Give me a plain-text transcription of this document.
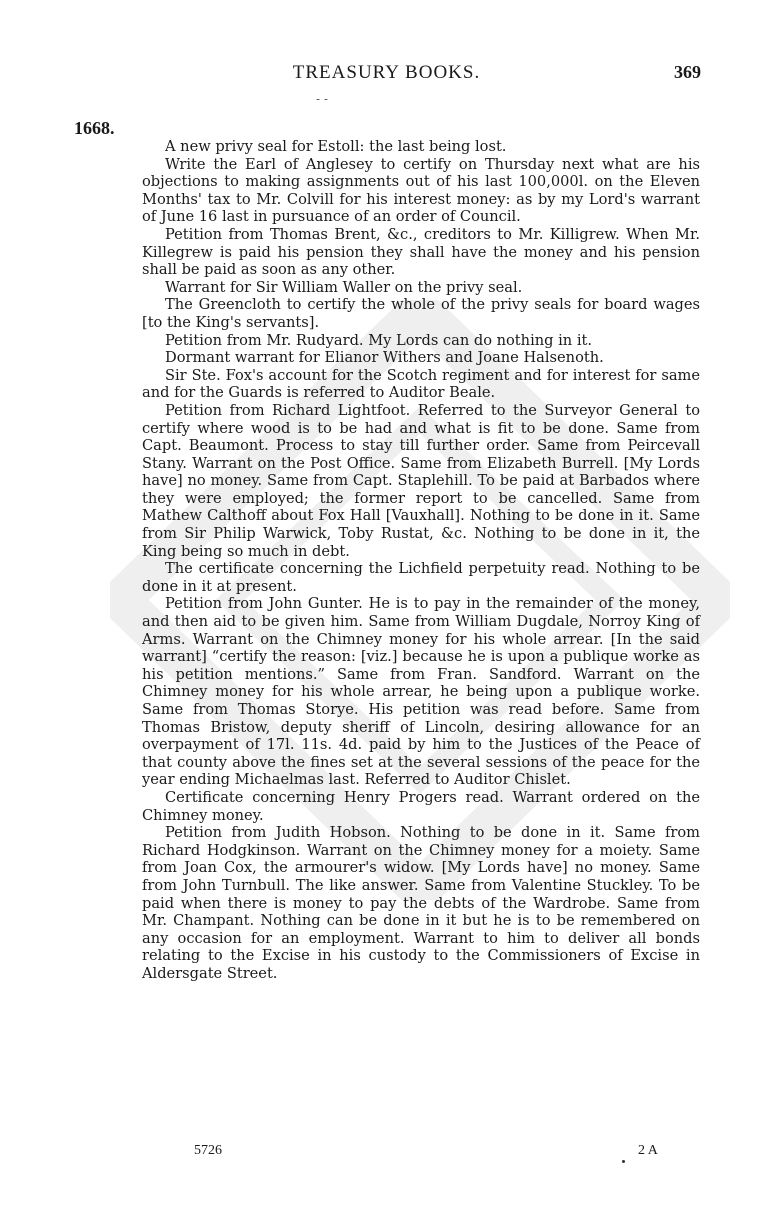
TREASURY BOOKS.	369
- -
1668.

A new privy seal for Estoll: the last being lost.

Write the Earl of Anglesey to certify on Thursday next what are his objections to making assignments out of his last 100,000l. on the Eleven Months' tax to Mr. Colvill for his interest money: as by my Lord's warrant of June 16 last in pursuance of an order of Council.

Petition from Thomas Brent, &c., creditors to Mr. Killigrew. When Mr. Killegrew is paid his pension they shall have the money and his pension shall be paid as soon as any other.

Warrant for Sir William Waller on the privy seal.

The Greencloth to certify the whole of the privy seals for board wages [to the King's servants].

Petition from Mr. Rudyard. My Lords can do nothing in it.

Dormant warrant for Elianor Withers and Joane Halsenoth.

Sir Ste. Fox's account for the Scotch regiment and for interest for same and for the Guards is referred to Auditor Beale.

Petition from Richard Lightfoot. Referred to the Surveyor General to certify where wood is to be had and what is fit to be done. Same from Capt. Beaumont. Process to stay till further order. Same from Peircevall Stany. Warrant on the Post Office. Same from Elizabeth Burrell. [My Lords have] no money. Same from Capt. Staplehill. To be paid at Barbados where they were employed; the former report to be cancelled. Same from Mathew Calthoff about Fox Hall [Vauxhall]. Nothing to be done in it. Same from Sir Philip Warwick, Toby Rustat, &c. Nothing to be done in it, the King being so much in debt.

The certificate concerning the Lichfield perpetuity read. Nothing to be done in it at present.

Petition from John Gunter. He is to pay in the remainder of the money, and then aid to be given him. Same from William Dugdale, Norroy King of Arms. Warrant on the Chimney money for his whole arrear. [In the said warrant] “certify the reason: [viz.] because he is upon a publique worke as his petition mentions.” Same from Fran. Sandford. Warrant on the Chimney money for his whole arrear, he being upon a publique worke. Same from Thomas Storye. His petition was read before. Same from Thomas Bristow, deputy sheriff of Lincoln, desiring allowance for an overpayment of 17l. 11s. 4d. paid by him to the Justices of the Peace of that county above the fines set at the several sessions of the peace for the year ending Michaelmas last. Referred to Auditor Chislet.

Certificate concerning Henry Progers read. Warrant ordered on the Chimney money.

Petition from Judith Hobson. Nothing to be done in it. Same from Richard Hodgkinson. Warrant on the Chimney money for a moiety. Same from Joan Cox, the armourer's widow. [My Lords have] no money. Same from John Turnbull. The like answer. Same from Valentine Stuckley. To be paid when there is money to pay the debts of the Wardrobe. Same from Mr. Champant. Nothing can be done in it but he is to be remembered on any occasion for an employment. Warrant to him to deliver all bonds relating to the Excise in his custody to the Commissioners of Excise in Aldersgate Street.

5726	2 A
